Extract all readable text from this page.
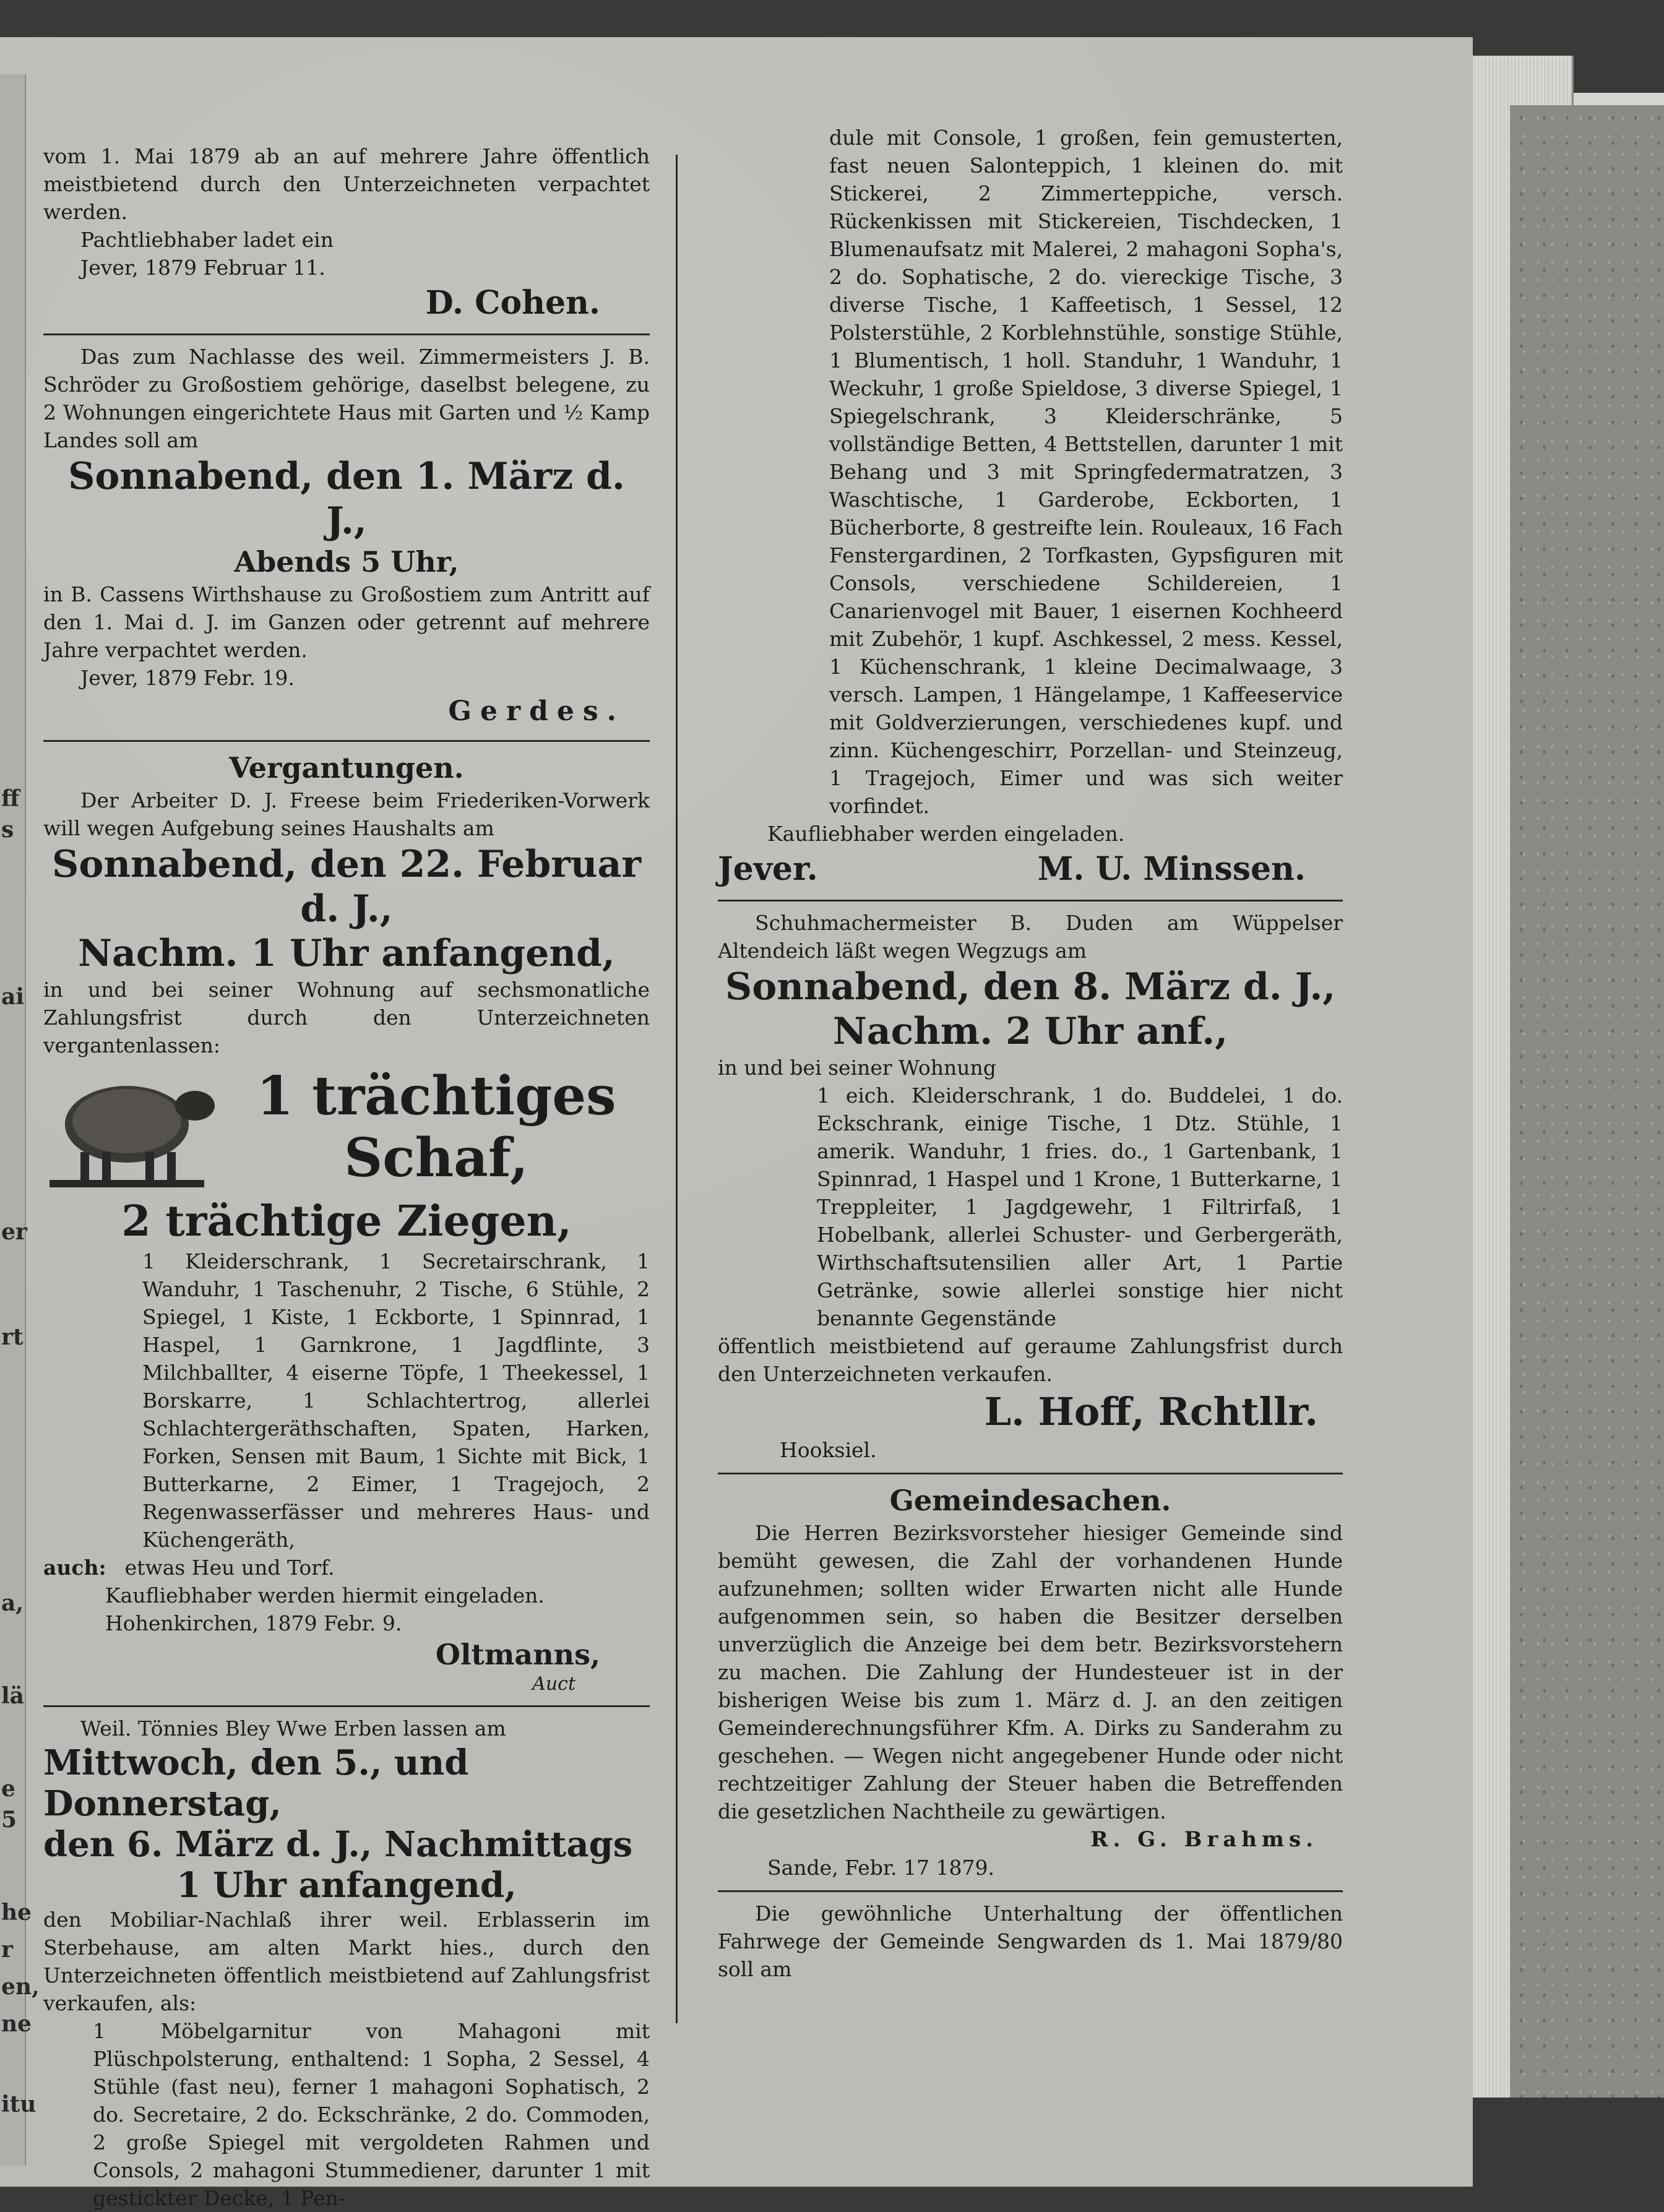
ff
s
ai
er
rt
a,
lä
e
5
he
r
en,
ne
itu

vom 1. Mai 1879 ab an auf mehrere Jahre öffentlich meistbietend durch den Unterzeichneten verpachtet werden.

Pachtliebhaber ladet ein

Jever, 1879 Februar 11.

D. Cohen.

Das zum Nachlasse des weil. Zimmermeisters J. B. Schröder zu Großostiem gehörige, daselbst belegene, zu 2 Wohnungen eingerichtete Haus mit Garten und ½ Kamp Landes soll am

Sonnabend, den 1. März d. J.,

Abends 5 Uhr,

in B. Cassens Wirthshause zu Großostiem zum Antritt auf den 1. Mai d. J. im Ganzen oder getrennt auf mehrere Jahre verpachtet werden.

Jever, 1879 Febr. 19.

Gerdes.

Vergantungen.

Der Arbeiter D. J. Freese beim Friederiken-Vorwerk will wegen Aufgebung seines Haushalts am

Sonnabend, den 22. Februar d. J.,

Nachm. 1 Uhr anfangend,

in und bei seiner Wohnung auf sechsmonatliche Zahlungsfrist durch den Unterzeichneten vergantenlassen:

1 trächtiges

Schaf,

2 trächtige Ziegen,

1 Kleiderschrank, 1 Secretairschrank, 1 Wanduhr, 1 Taschenuhr, 2 Tische, 6 Stühle, 2 Spiegel, 1 Kiste, 1 Eckborte, 1 Spinnrad, 1 Haspel, 1 Garnkrone, 1 Jagdflinte, 3 Milchballter, 4 eiserne Töpfe, 1 Theekessel, 1 Borskarre, 1 Schlachtertrog, allerlei Schlachtergeräthschaften, Spaten, Harken, Forken, Sensen mit Baum, 1 Sichte mit Bick, 1 Butterkarne, 2 Eimer, 1 Tragejoch, 2 Regenwasserfässer und mehreres Haus- und Küchengeräth,

auch: etwas Heu und Torf.

Kaufliebhaber werden hiermit eingeladen.

Hohenkirchen, 1879 Febr. 9.

Oltmanns,

Auct

Weil. Tönnies Bley Wwe Erben lassen am

Mittwoch, den 5., und Donnerstag,

den 6. März d. J., Nachmittags

1 Uhr anfangend,

den Mobiliar-Nachlaß ihrer weil. Erblasserin im Sterbehause, am alten Markt hies., durch den Unterzeichneten öffentlich meistbietend auf Zahlungsfrist verkaufen, als:

1 Möbelgarnitur von Mahagoni mit Plüschpolsterung, enthaltend: 1 Sopha, 2 Sessel, 4 Stühle (fast neu), ferner 1 mahagoni Sophatisch, 2 do. Secretaire, 2 do. Eckschränke, 2 do. Commoden, 2 große Spiegel mit vergoldeten Rahmen und Consols, 2 mahagoni Stummediener, darunter 1 mit gestickter Decke, 1 Pen-

dule mit Console, 1 großen, fein gemusterten, fast neuen Salonteppich, 1 kleinen do. mit Stickerei, 2 Zimmerteppiche, versch. Rückenkissen mit Stickereien, Tischdecken, 1 Blumenaufsatz mit Malerei, 2 mahagoni Sopha's, 2 do. Sophatische, 2 do. viereckige Tische, 3 diverse Tische, 1 Kaffeetisch, 1 Sessel, 12 Polsterstühle, 2 Korblehnstühle, sonstige Stühle, 1 Blumentisch, 1 holl. Standuhr, 1 Wanduhr, 1 Weckuhr, 1 große Spieldose, 3 diverse Spiegel, 1 Spiegelschrank, 3 Kleiderschränke, 5 vollständige Betten, 4 Bettstellen, darunter 1 mit Behang und 3 mit Springfedermatratzen, 3 Waschtische, 1 Garderobe, Eckborten, 1 Bücherborte, 8 gestreifte lein. Rouleaux, 16 Fach Fenstergardinen, 2 Torfkasten, Gypsfiguren mit Consols, verschiedene Schildereien, 1 Canarienvogel mit Bauer, 1 eisernen Kochheerd mit Zubehör, 1 kupf. Aschkessel, 2 mess. Kessel, 1 Küchenschrank, 1 kleine Decimalwaage, 3 versch. Lampen, 1 Hängelampe, 1 Kaffeeservice mit Goldverzierungen, verschiedenes kupf. und zinn. Küchengeschirr, Porzellan- und Steinzeug, 1 Tragejoch, Eimer und was sich weiter vorfindet.

Kaufliebhaber werden eingeladen.

Jever.	M. U. Minssen.

Schuhmachermeister B. Duden am Wüppelser Altendeich läßt wegen Wegzugs am

Sonnabend, den 8. März d. J.,

Nachm. 2 Uhr anf.,

in und bei seiner Wohnung

1 eich. Kleiderschrank, 1 do. Buddelei, 1 do. Eckschrank, einige Tische, 1 Dtz. Stühle, 1 amerik. Wanduhr, 1 fries. do., 1 Gartenbank, 1 Spinnrad, 1 Haspel und 1 Krone, 1 Butterkarne, 1 Treppleiter, 1 Jagdgewehr, 1 Filtrirfaß, 1 Hobelbank, allerlei Schuster- und Gerbergeräth, Wirthschaftsutensilien aller Art, 1 Partie Getränke, sowie allerlei sonstige hier nicht benannte Gegenstände

öffentlich meistbietend auf geraume Zahlungsfrist durch den Unterzeichneten verkaufen.

L. Hoff, Rchtllr.

Hooksiel.

Gemeindesachen.

Die Herren Bezirksvorsteher hiesiger Gemeinde sind bemüht gewesen, die Zahl der vorhandenen Hunde aufzunehmen; sollten wider Erwarten nicht alle Hunde aufgenommen sein, so haben die Besitzer derselben unverzüglich die Anzeige bei dem betr. Bezirksvorstehern zu machen. Die Zahlung der Hundesteuer ist in der bisherigen Weise bis zum 1. März d. J. an den zeitigen Gemeinderechnungsführer Kfm. A. Dirks zu Sanderahm zu geschehen. — Wegen nicht angegebener Hunde oder nicht rechtzeitiger Zahlung der Steuer haben die Betreffenden die gesetzlichen Nachtheile zu gewärtigen.

R. G. Brahms.

Sande, Febr. 17 1879.

Die gewöhnliche Unterhaltung der öffentlichen Fahrwege der Gemeinde Sengwarden ds 1. Mai 1879/80 soll am
